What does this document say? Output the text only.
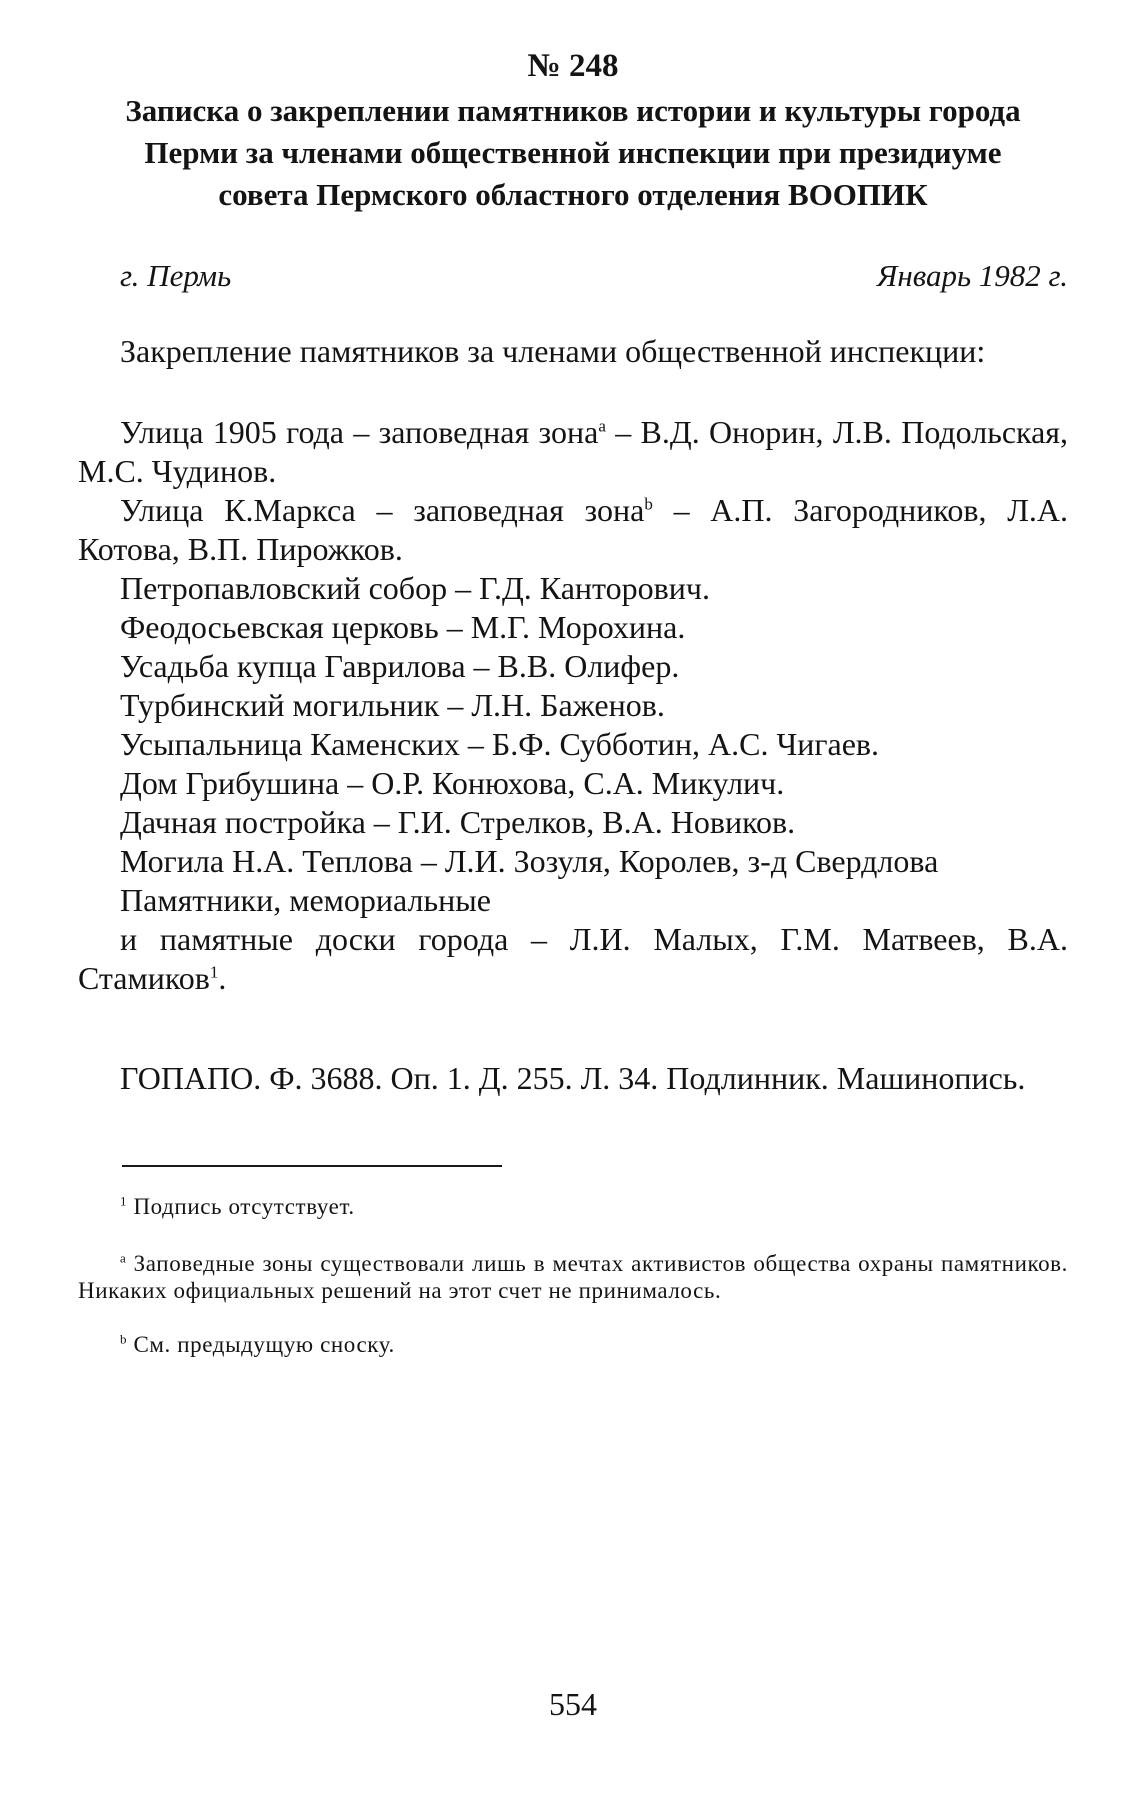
№ 248
Записка о закреплении памятников истории и культуры города
Перми за членами общественной инспекции при президиуме
совета Пермского областного отделения ВООПИК
г. Пермь	Январь 1982 г.

Закрепление памятников за членами общественной инспекции:

Улица 1905 года – заповедная зона$^a$ – В.Д. Онорин, Л.В. Подольская, М.С. Чудинов.

Улица К.Маркса – заповедная зона$^b$ – А.П. Загородников, Л.А. Котова, В.П. Пирожков.

Петропавловский собор – Г.Д. Канторович.

Феодосьевская церковь – М.Г. Морохина.

Усадьба купца Гаврилова – В.В. Олифер.

Турбинский могильник – Л.Н. Баженов.

Усыпальница Каменских – Б.Ф. Субботин, А.С. Чигаев.

Дом Грибушина – О.Р. Конюхова, С.А. Микулич.

Дачная постройка – Г.И. Стрелков, В.А. Новиков.

Могила Н.А. Теплова – Л.И. Зозуля, Королев, з-д Свердлова

Памятники, мемориальные

и памятные доски города – Л.И. Малых, Г.М. Матвеев, В.А. Стамиков$^1$.

ГОПАПО. Ф. 3688. Оп. 1. Д. 255. Л. 34. Подлинник. Машинопись.

$^1$ Подпись отсутствует.

$^a$ Заповедные зоны существовали лишь в мечтах активистов общества охраны памятников. Никаких официальных решений на этот счет не принималось.

$^b$ См. предыдущую сноску.

554
